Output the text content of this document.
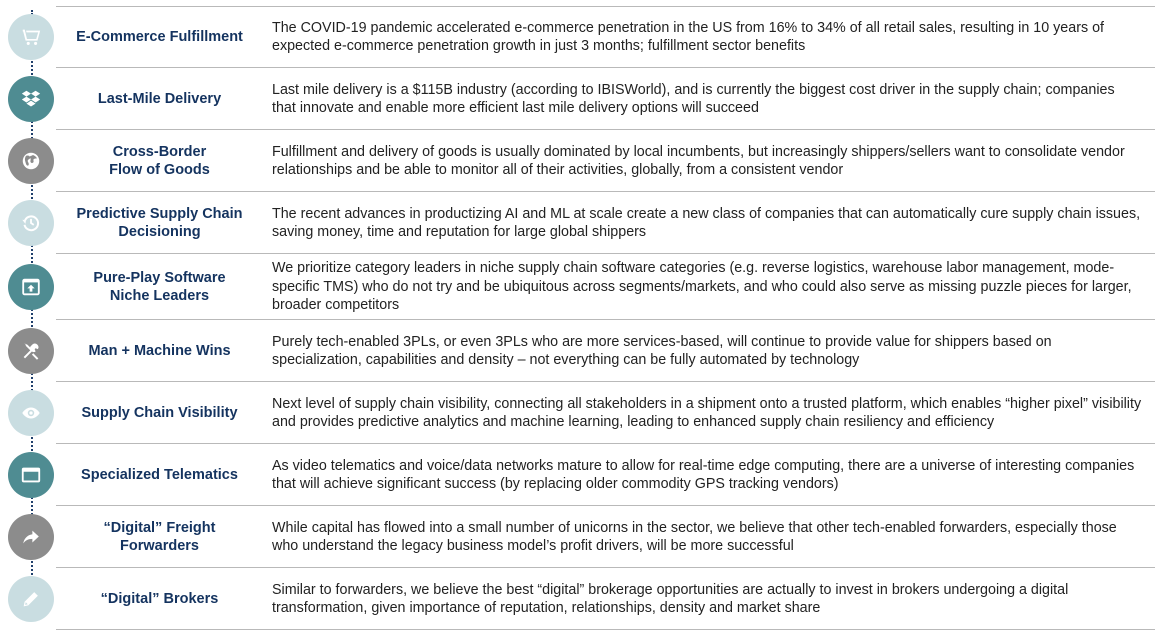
E-Commerce Fulfillment
The COVID-19 pandemic accelerated e-commerce penetration in the US from 16% to 34% of all retail sales, resulting in 10 years of expected e-commerce penetration growth in just 3 months; fulfillment sector benefits
Last-Mile Delivery
Last mile delivery is a $115B industry (according to IBISWorld), and is currently the biggest cost driver in the supply chain; companies that innovate and enable more efficient last mile delivery options will succeed
Cross-Border
Flow of Goods
Fulfillment and delivery of goods is usually dominated by local incumbents, but increasingly shippers/sellers want to consolidate vendor relationships and be able to monitor all of their activities, globally, from a consistent vendor
Predictive Supply Chain
Decisioning
The recent advances in productizing AI and ML at scale create a new class of companies that can automatically cure supply chain issues, saving money, time and reputation for large global shippers
Pure-Play Software
Niche Leaders
We prioritize category leaders in niche supply chain software categories (e.g. reverse logistics, warehouse labor management, mode-specific TMS) who do not try and be ubiquitous across segments/markets, and who could also serve as missing puzzle pieces for larger, broader competitors
Man + Machine Wins
Purely tech-enabled 3PLs, or even 3PLs who are more services-based, will continue to provide value for shippers based on specialization, capabilities and density – not everything can be fully automated by technology
Supply Chain Visibility
Next level of supply chain visibility, connecting all stakeholders in a shipment onto a trusted platform, which enables “higher pixel” visibility and provides predictive analytics and machine learning, leading to enhanced supply chain resiliency and efficiency
Specialized Telematics
As video telematics and voice/data networks mature to allow for real-time edge computing, there are a universe of interesting companies that will achieve significant success (by replacing older commodity GPS tracking vendors)
“Digital” Freight
Forwarders
While capital has flowed into a small number of unicorns in the sector, we believe that other tech-enabled forwarders, especially those who understand the legacy business model’s profit drivers, will be more successful
“Digital” Brokers
Similar to forwarders, we believe the best “digital” brokerage opportunities are actually to invest in brokers undergoing a digital transformation, given importance of reputation, relationships, density and market share
